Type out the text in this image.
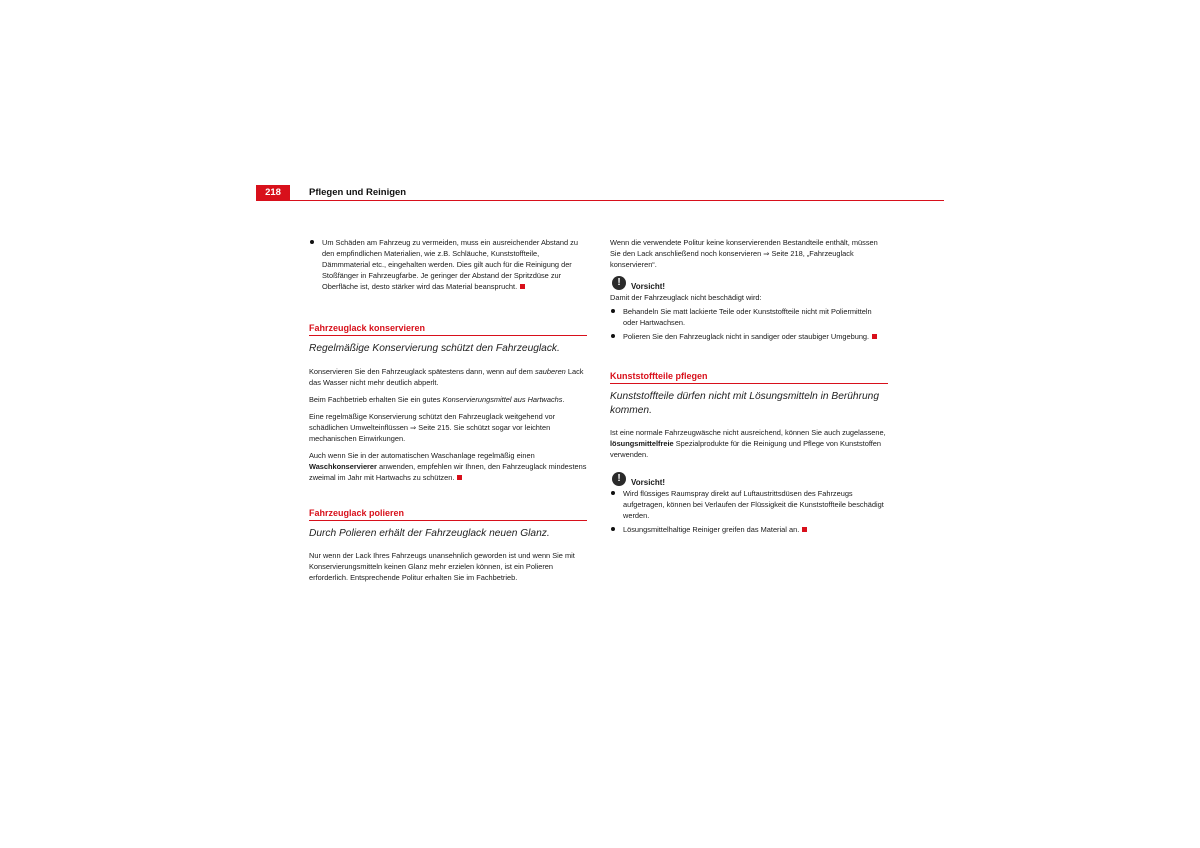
218	Pflegen und Reinigen

Um Schäden am Fahrzeug zu vermeiden, muss ein ausreichender Abstand zu den empfindlichen Materialien, wie z.B. Schläuche, Kunststoffteile, Dämmmaterial etc., eingehalten werden. Dies gilt auch für die Reinigung der Stoßfänger in Fahrzeugfarbe. Je geringer der Abstand der Spritzdüse zur Oberfläche ist, desto stärker wird das Material beansprucht.

Fahrzeuglack konservieren
Regelmäßige Konservierung schützt den Fahrzeuglack.

Konservieren Sie den Fahrzeuglack spätestens dann, wenn auf dem sauberen Lack das Wasser nicht mehr deutlich abperlt.

Beim Fachbetrieb erhalten Sie ein gutes Konservierungsmittel aus Hartwachs.

Eine regelmäßige Konservierung schützt den Fahrzeuglack weitgehend vor schädlichen Umwelteinflüssen ⇒ Seite 215. Sie schützt sogar vor leichten mechanischen Einwirkungen.

Auch wenn Sie in der automatischen Waschanlage regelmäßig einen Waschkonservierer anwenden, empfehlen wir Ihnen, den Fahrzeuglack mindestens zweimal im Jahr mit Hartwachs zu schützen.

Fahrzeuglack polieren
Durch Polieren erhält der Fahrzeuglack neuen Glanz.

Nur wenn der Lack Ihres Fahrzeugs unansehnlich geworden ist und wenn Sie mit Konservierungsmitteln keinen Glanz mehr erzielen können, ist ein Polieren erforderlich. Entsprechende Politur erhalten Sie im Fachbetrieb.

Wenn die verwendete Politur keine konservierenden Bestandteile enthält, müssen Sie den Lack anschließend noch konservieren ⇒ Seite 218, „Fahrzeuglack konservieren“.

!	Vorsicht!

Damit der Fahrzeuglack nicht beschädigt wird:

Behandeln Sie matt lackierte Teile oder Kunststoffteile nicht mit Poliermitteln oder Hartwachsen.

Polieren Sie den Fahrzeuglack nicht in sandiger oder staubiger Umgebung.

Kunststoffteile pflegen
Kunststoffteile dürfen nicht mit Lösungsmitteln in Berührung kommen.

Ist eine normale Fahrzeugwäsche nicht ausreichend, können Sie auch zugelassene, lösungsmittelfreie Spezialprodukte für die Reinigung und Pflege von Kunststoffen verwenden.

!	Vorsicht!

Wird flüssiges Raumspray direkt auf Luftaustrittsdüsen des Fahrzeugs aufgetragen, können bei Verlaufen der Flüssigkeit die Kunststoffteile beschädigt werden.

Lösungsmittelhaltige Reiniger greifen das Material an.
